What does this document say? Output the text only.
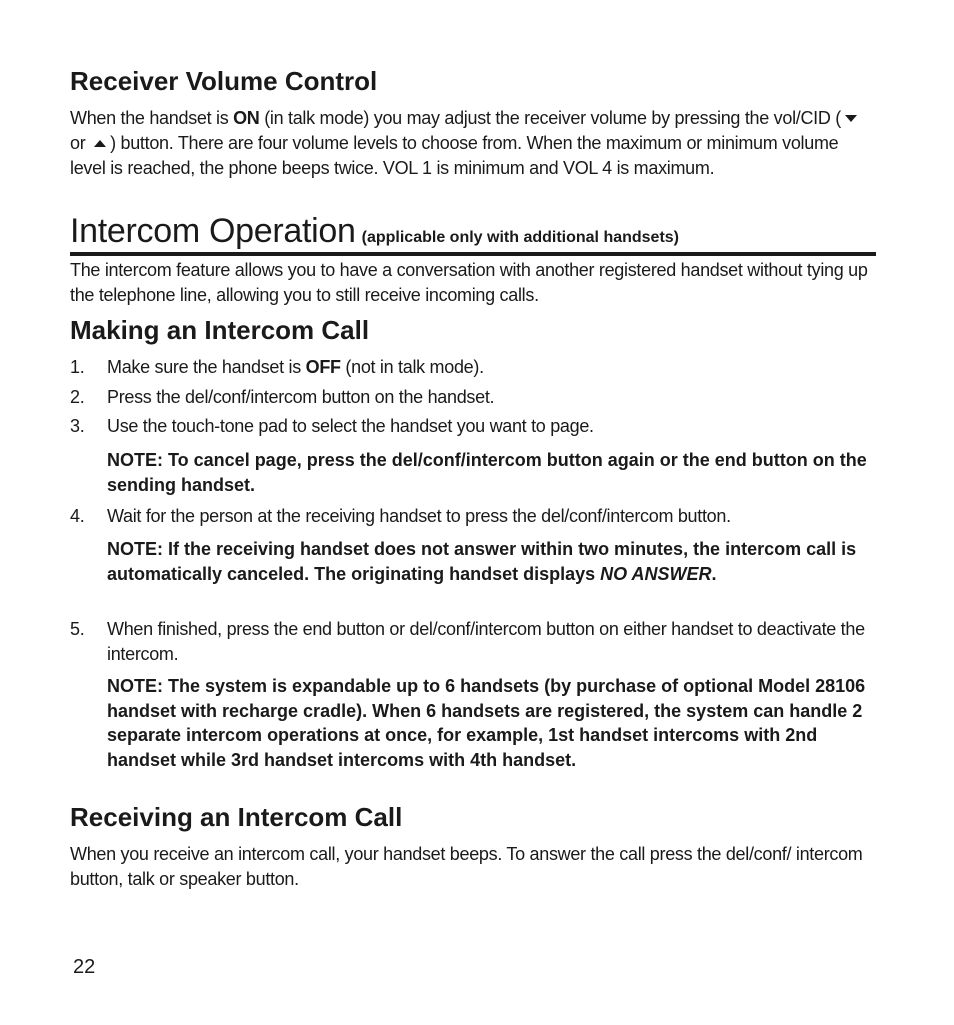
Receiver Volume Control
When the handset is ON (in talk mode) you may adjust the receiver volume by pressing the vol/CID (
or
) button. There are four volume levels to choose from. When the maximum or minimum volume level is reached, the phone beeps twice. VOL 1 is minimum and VOL 4 is maximum.
Intercom Operation (applicable only with additional handsets)
The intercom feature allows you to have a conversation with another registered handset without tying up the telephone line, allowing you to still receive incoming calls.
Making an Intercom Call
1.	Make sure the handset is OFF (not in talk mode).
2.	Press the del/conf/intercom button on the handset.
3.	Use the touch-tone pad to select the handset you want to page.
NOTE: To cancel page, press the del/conf/intercom button again or the end button on the sending handset.
4.	Wait for the person at the receiving handset to press the del/conf/intercom button.
NOTE: If the receiving handset does not answer within two minutes, the intercom call is automatically canceled. The originating handset displays NO ANSWER.
5.	When finished, press the end button or del/conf/intercom button on either handset to deactivate the intercom.
NOTE: The system is expandable up to 6 handsets (by purchase of optional Model 28106 handset with recharge cradle). When 6 handsets are registered, the system can handle 2 separate intercom operations at once, for example, 1st handset intercoms with 2nd handset while 3rd handset intercoms with 4th handset.
Receiving an Intercom Call
When you receive an intercom call, your handset beeps. To answer the call press the del/conf/ intercom button, talk or speaker button.
22
